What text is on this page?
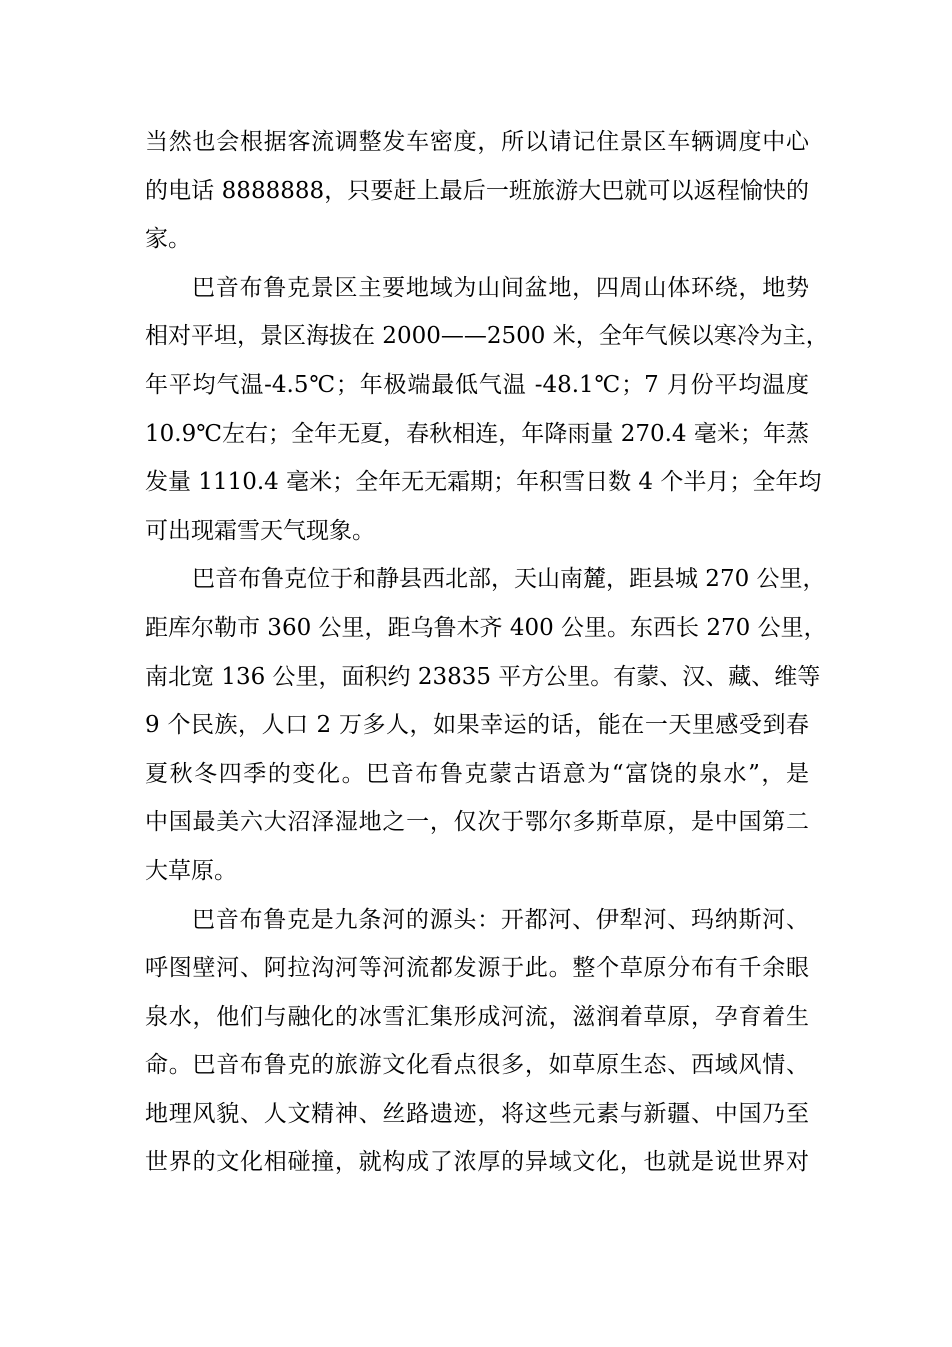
当然也会根据客流调整发车密度，所以请记住景区车辆调度中心
的电话 8888888，只要赶上最后一班旅游大巴就可以返程愉快的
家。
巴音布鲁克景区主要地域为山间盆地，四周山体环绕，地势
相对平坦，景区海拔在 2000——2500 米，全年气候以寒冷为主，
年平均气温-4.5℃；年极端最低气温 -48.1℃；7 月份平均温度
10.9℃左右；全年无夏，春秋相连，年降雨量 270.4 毫米；年蒸
发量 1110.4 毫米；全年无无霜期；年积雪日数 4 个半月；全年均
可出现霜雪天气现象。
巴音布鲁克位于和静县西北部，天山南麓，距县城 270 公里，
距库尔勒市 360 公里，距乌鲁木齐 400 公里。东西长 270 公里，
南北宽 136 公里，面积约 23835 平方公里。有蒙、汉、藏、维等
9 个民族，人口 2 万多人，如果幸运的话，能在一天里感受到春
夏秋冬四季的变化。巴音布鲁克蒙古语意为“富饶的泉水”，是
中国最美六大沼泽湿地之一，仅次于鄂尔多斯草原，是中国第二
大草原。
巴音布鲁克是九条河的源头：开都河、伊犁河、玛纳斯河、
呼图壁河、阿拉沟河等河流都发源于此。整个草原分布有千余眼
泉水，他们与融化的冰雪汇集形成河流，滋润着草原，孕育着生
命。巴音布鲁克的旅游文化看点很多，如草原生态、西域风情、
地理风貌、人文精神、丝路遗迹，将这些元素与新疆、中国乃至
世界的文化相碰撞，就构成了浓厚的异域文化，也就是说世界对
